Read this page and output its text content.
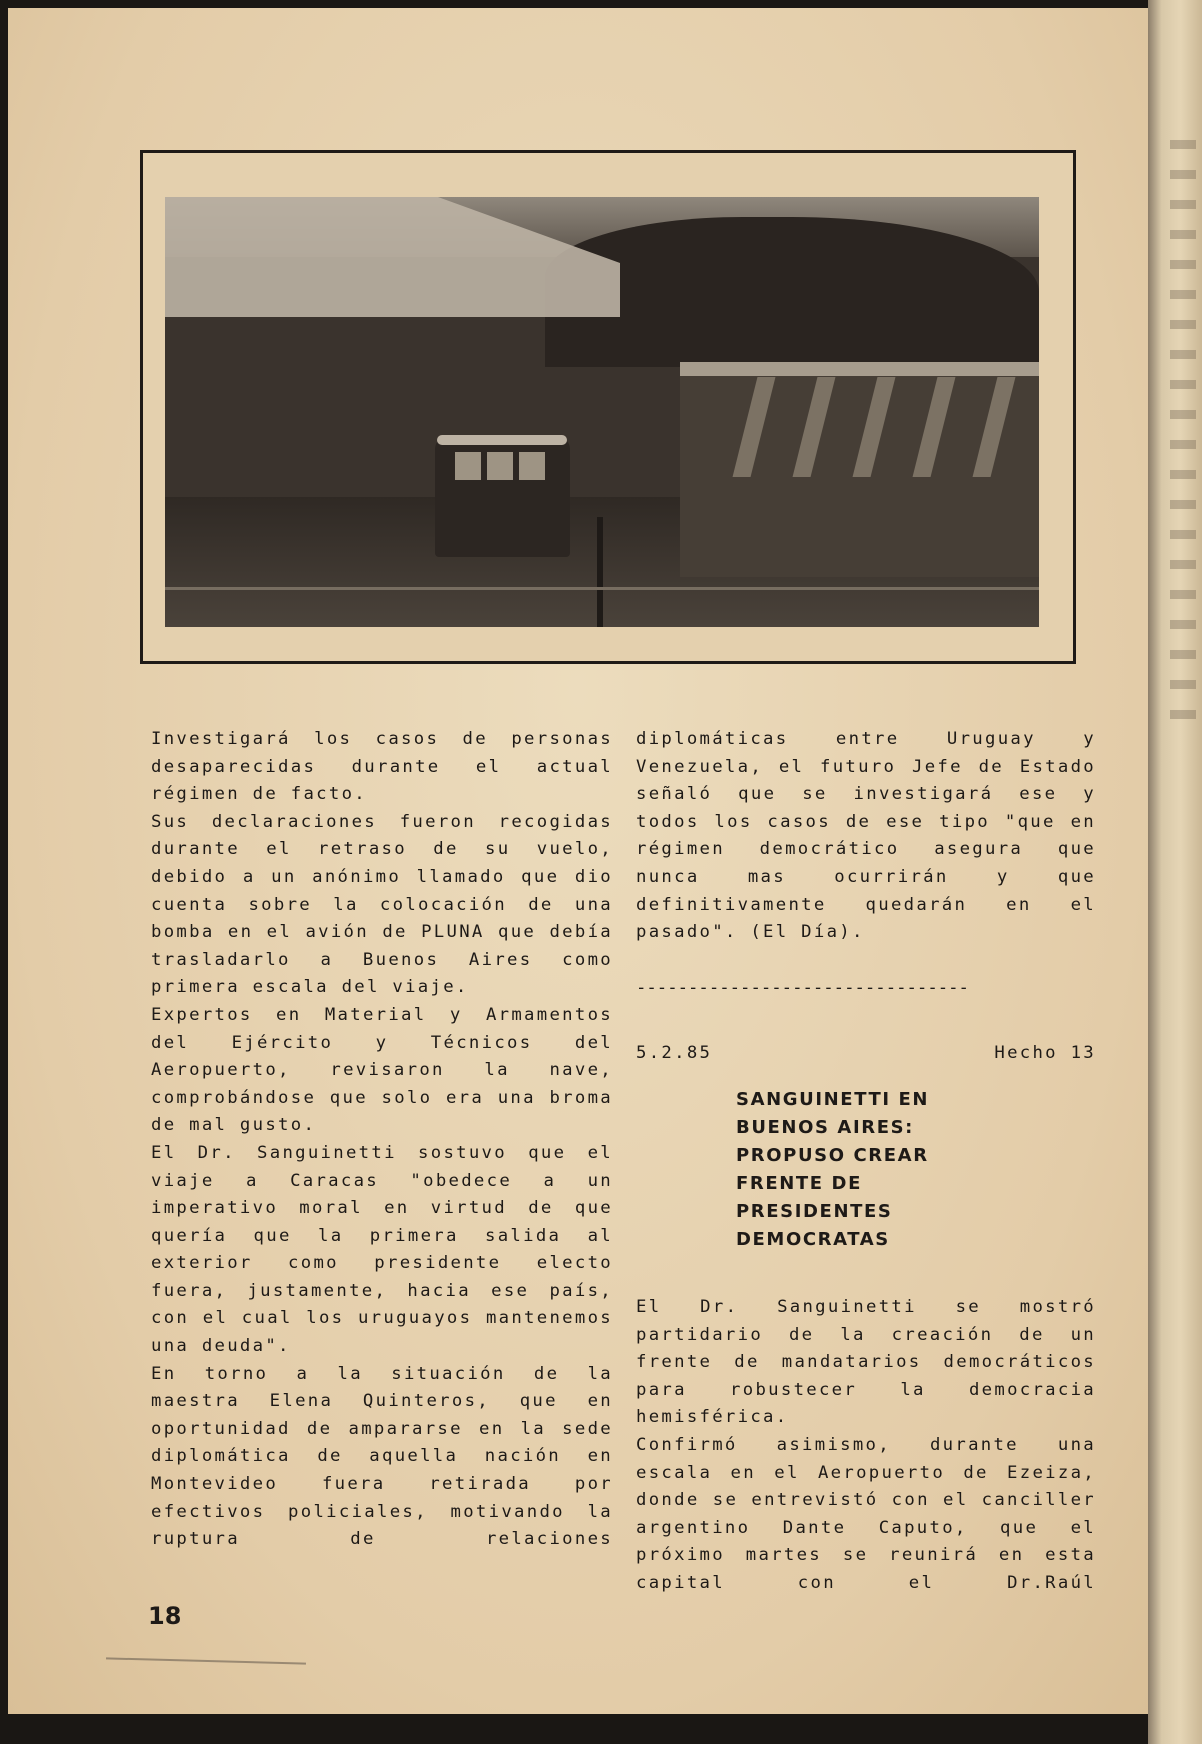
Investigará los casos de personas desaparecidas durante el actual régimen de facto.

Sus declaraciones fueron recogidas durante el retraso de su vuelo, debido a un anónimo llamado que dio cuenta sobre la colocación de una bomba en el avión de PLUNA que debía trasladarlo a Buenos Aires como primera escala del viaje.

Expertos en Material y Armamentos del Ejército y Técnicos del Aeropuerto, revisaron la nave, comprobándose que solo era una broma de mal gusto.

El Dr. Sanguinetti sostuvo que el viaje a Caracas "obedece a un imperativo moral en virtud de que quería que la primera salida al exterior como presidente electo fuera, justamente, hacia ese país, con el cual los uruguayos mantenemos una deuda".

En torno a la situación de la maestra Elena Quinteros, que en oportunidad de ampararse en la sede diplomática de aquella nación en Montevideo fuera retirada por efectivos policiales, motivando la ruptura de relaciones

diplomáticas entre Uruguay y Venezuela, el futuro Jefe de Estado señaló que se investigará ese y todos los casos de ese tipo "que en régimen democrático asegura que nunca mas ocurrirán y que definitivamente quedarán en el pasado". (El Día).

--------------------------------

5.2.85	Hecho 13

SANGUINETTI EN
BUENOS AIRES:
PROPUSO CREAR
FRENTE DE
PRESIDENTES
DEMOCRATAS

El Dr. Sanguinetti se mostró partidario de la creación de un frente de mandatarios democráticos para robustecer la democracia hemisférica.

Confirmó asimismo, durante una escala en el Aeropuerto de Ezeiza, donde se entrevistó con el canciller argentino Dante Caputo, que el próximo martes se reunirá en esta capital con el Dr.Raúl

18
